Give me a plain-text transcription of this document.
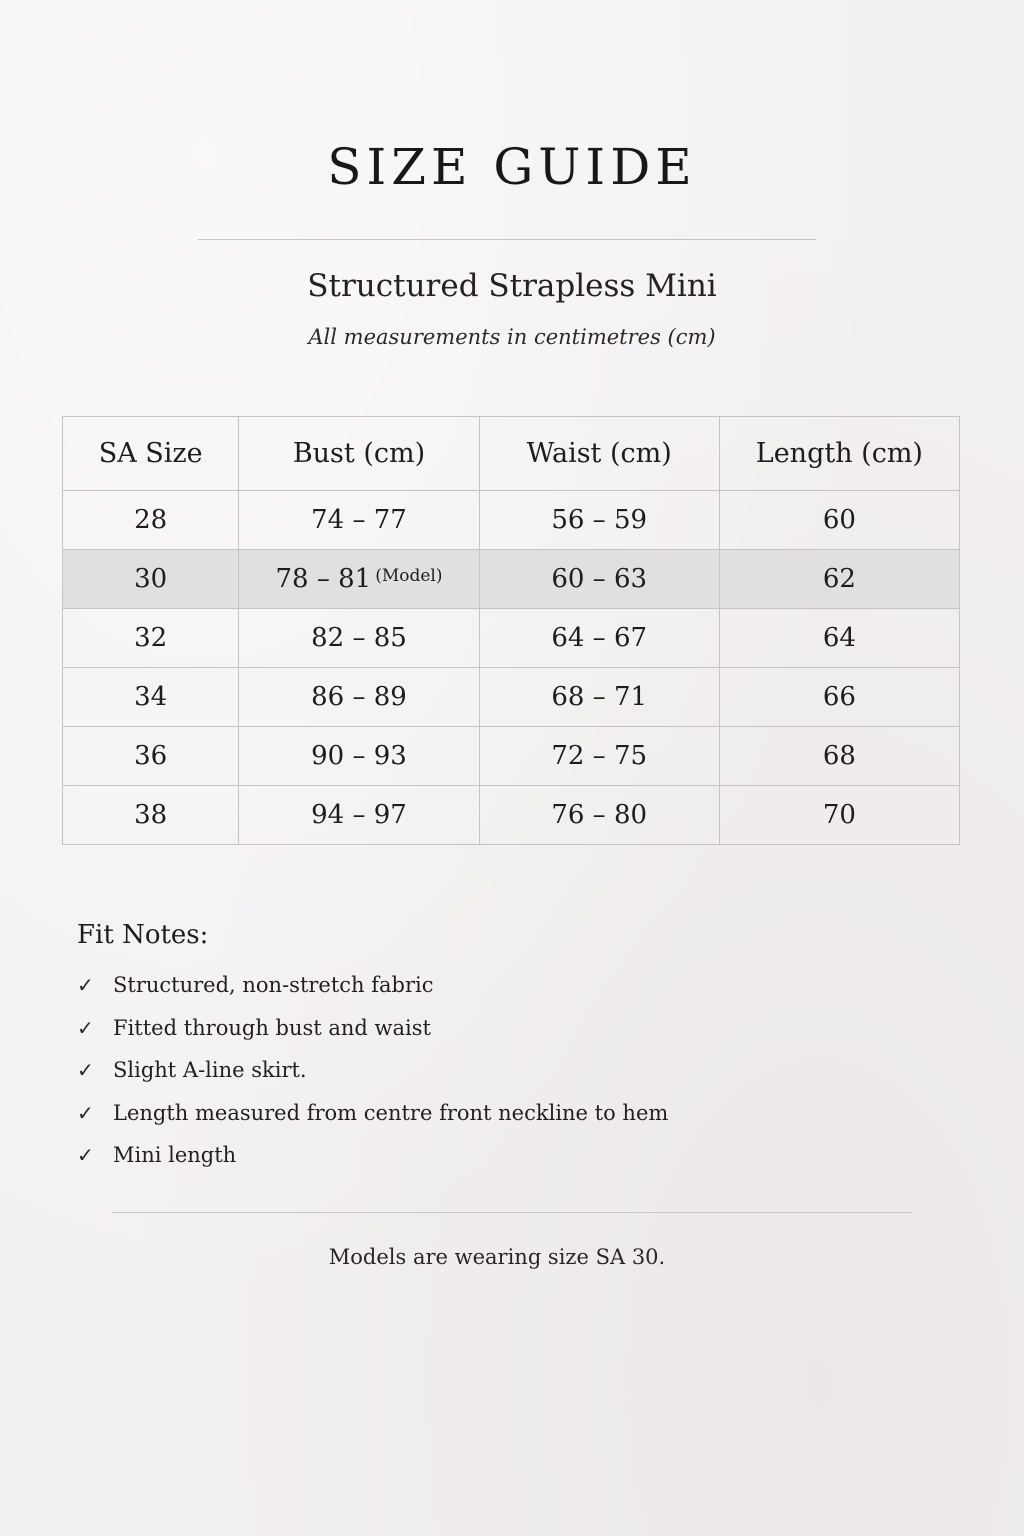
SIZE GUIDE
Structured Strapless Mini
All measurements in centimetres (cm)
SA Size	Bust (cm)	Waist (cm)	Length (cm)
28	74 – 77	56 – 59	60
30	78 – 81 $^{(Model)}$	60 – 63	62
32	82 – 85	64 – 67	64
34	86 – 89	68 – 71	66
36	90 – 93	72 – 75	68
38	94 – 97	76 – 80	70
Fit Notes:
✓ Structured, non-stretch fabric
✓ Fitted through bust and waist
✓ Slight A-line skirt.
✓ Length measured from centre front neckline to hem
✓ Mini length
Models are wearing size SA 30.
